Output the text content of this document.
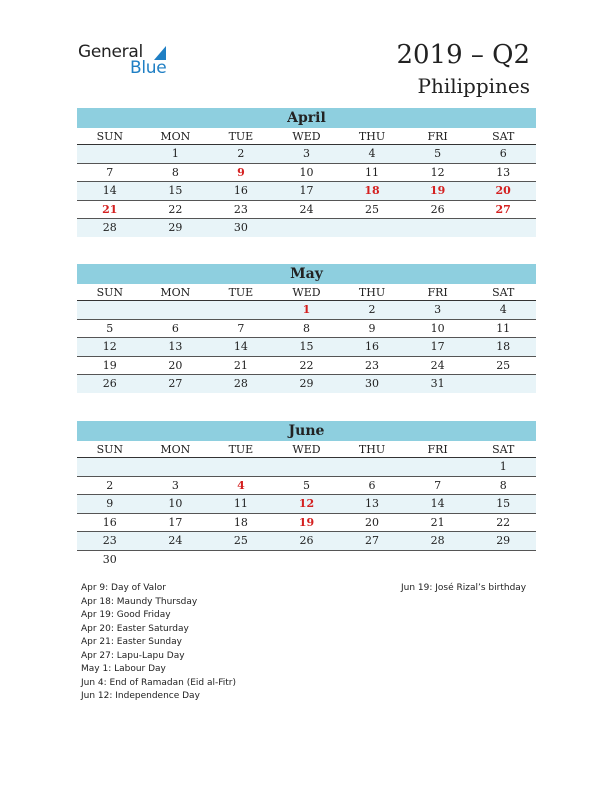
General
Blue	2019 – Q2
Philippines
April
SUN	MON	TUE	WED	THU	FRI	SAT
	1	2	3	4	5	6
7	8	9	10	11	12	13
14	15	16	17	18	19	20
21	22	23	24	25	26	27
28	29	30				
May
SUN	MON	TUE	WED	THU	FRI	SAT
			1	2	3	4
5	6	7	8	9	10	11
12	13	14	15	16	17	18
19	20	21	22	23	24	25
26	27	28	29	30	31	
June
SUN	MON	TUE	WED	THU	FRI	SAT
						1
2	3	4	5	6	7	8
9	10	11	12	13	14	15
16	17	18	19	20	21	22
23	24	25	26	27	28	29
30						
Apr 9: Day of Valor
Apr 18: Maundy Thursday
Apr 19: Good Friday
Apr 20: Easter Saturday
Apr 21: Easter Sunday
Apr 27: Lapu-Lapu Day
May 1: Labour Day
Jun 4: End of Ramadan (Eid al-Fitr)
Jun 12: Independence Day
Jun 19: José Rizal’s birthday
